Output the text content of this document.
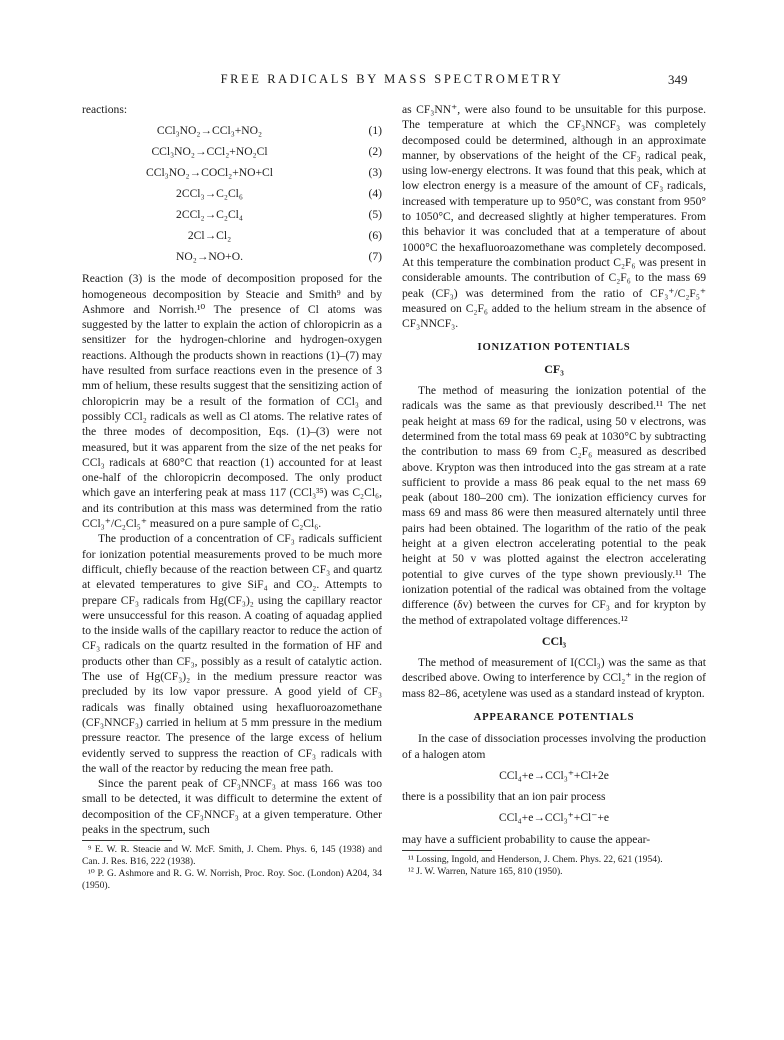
FREE RADICALS BY MASS SPECTROMETRY	349
reactions:
CCl₃NO₂→CCl₃+NO₂	(1)
CCl₃NO₂→CCl₂+NO₂Cl	(2)
CCl₃NO₂→COCl₂+NO+Cl	(3)
2CCl₃→C₂Cl₆	(4)
2CCl₂→C₂Cl₄	(5)
2Cl→Cl₂	(6)
NO₂→NO+O.	(7)

Reaction (3) is the mode of decomposition proposed for the homogeneous decomposition by Steacie and Smith⁹ and by Ashmore and Norrish.¹⁰ The presence of Cl atoms was suggested by the latter to explain the action of chloropicrin as a sensitizer for the hydrogen-chlorine and hydrogen-oxygen reactions. Although the products shown in reactions (1)–(7) may have resulted from surface reactions even in the presence of 3 mm of helium, these results suggest that the sensitizing action of chloropicrin may be a result of the formation of CCl₃ and possibly CCl₂ radicals as well as Cl atoms. The relative rates of the three modes of decomposition, Eqs. (1)–(3) were not measured, but it was apparent from the size of the net peaks for CCl₃ radicals at 680°C that reaction (1) accounted for at least one-half of the chloropicrin decomposed. The only product which gave an interfering peak at mass 117 (CCl₃³⁵) was C₂Cl₆, and its contribution at this mass was determined from the ratio CCl₃⁺/C₂Cl₅⁺ measured on a pure sample of C₂Cl₆.

The production of a concentration of CF₃ radicals sufficient for ionization potential measurements proved to be much more difficult, chiefly because of the reaction between CF₃ and quartz at elevated temperatures to give SiF₄ and CO₂. Attempts to prepare CF₃ radicals from Hg(CF₃)₂ using the capillary reactor were unsuccessful for this reason. A coating of aquadag applied to the inside walls of the capillary reactor to reduce the action of CF₃ radicals on the quartz resulted in the formation of HF and products other than CF₃, possibly as a result of catalytic action. The use of Hg(CF₃)₂ in the medium pressure reactor was precluded by its low vapor pressure. A good yield of CF₃ radicals was finally obtained using hexafluoroazomethane (CF₃NNCF₃) carried in helium at 5 mm pressure in the medium pressure reactor. The presence of the large excess of helium evidently served to suppress the reaction of CF₃ radicals with the wall of the reactor by reducing the mean free path.

Since the parent peak of CF₃NNCF₃ at mass 166 was too small to be detected, it was difficult to determine the extent of decomposition of the CF₃NNCF₃ at a given temperature. Other peaks in the spectrum, such

⁹ E. W. R. Steacie and W. McF. Smith, J. Chem. Phys. 6, 145 (1938) and Can. J. Res. B16, 222 (1938).
¹⁰ P. G. Ashmore and R. G. W. Norrish, Proc. Roy. Soc. (London) A204, 34 (1950).

as CF₃NN⁺, were also found to be unsuitable for this purpose. The temperature at which the CF₃NNCF₃ was completely decomposed could be determined, although in an approximate manner, by observations of the height of the CF₃ radical peak, using low-energy electrons. It was found that this peak, which at low electron energy is a measure of the amount of CF₃ radicals, increased with temperature up to 950°C, was constant from 950° to 1050°C, and decreased slightly at higher temperatures. From this behavior it was concluded that at a temperature of about 1000°C the hexafluoroazomethane was completely decomposed. At this temperature the combination product C₂F₆ was present in considerable amounts. The contribution of C₂F₆ to the mass 69 peak (CF₃) was determined from the ratio of CF₃⁺/C₂F₅⁺ measured on C₂F₆ added to the helium stream in the absence of CF₃NNCF₃.

IONIZATION POTENTIALS
CF₃

The method of measuring the ionization potential of the radicals was the same as that previously described.¹¹ The net peak height at mass 69 for the radical, using 50 v electrons, was determined from the total mass 69 peak at 1030°C by subtracting the contribution to mass 69 from C₂F₆ measured as described above. Krypton was then introduced into the gas stream at a rate sufficient to provide a mass 86 peak equal to the net mass 69 peak (about 180–200 cm). The ionization efficiency curves for mass 69 and mass 86 were then measured alternately until three pairs had been obtained. The logarithm of the ratio of the peak height at a given electron accelerating potential to the peak height at 50 v was plotted against the electron accelerating potential to give curves of the type shown previously.¹¹ The ionization potential of the radical was obtained from the voltage difference (δv) between the curves for CF₃ and for krypton by the method of extrapolated voltage differences.¹²

CCl₃

The method of measurement of I(CCl₃) was the same as that described above. Owing to interference by CCl₂⁺ in the region of mass 82–86, acetylene was used as a standard instead of krypton.

APPEARANCE POTENTIALS

In the case of dissociation processes involving the production of a halogen atom

CCl₄+e→CCl₃⁺+Cl+2e

there is a possibility that an ion pair process

CCl₄+e→CCl₃⁺+Cl⁻+e

may have a sufficient probability to cause the appear-

¹¹ Lossing, Ingold, and Henderson, J. Chem. Phys. 22, 621 (1954).
¹² J. W. Warren, Nature 165, 810 (1950).
